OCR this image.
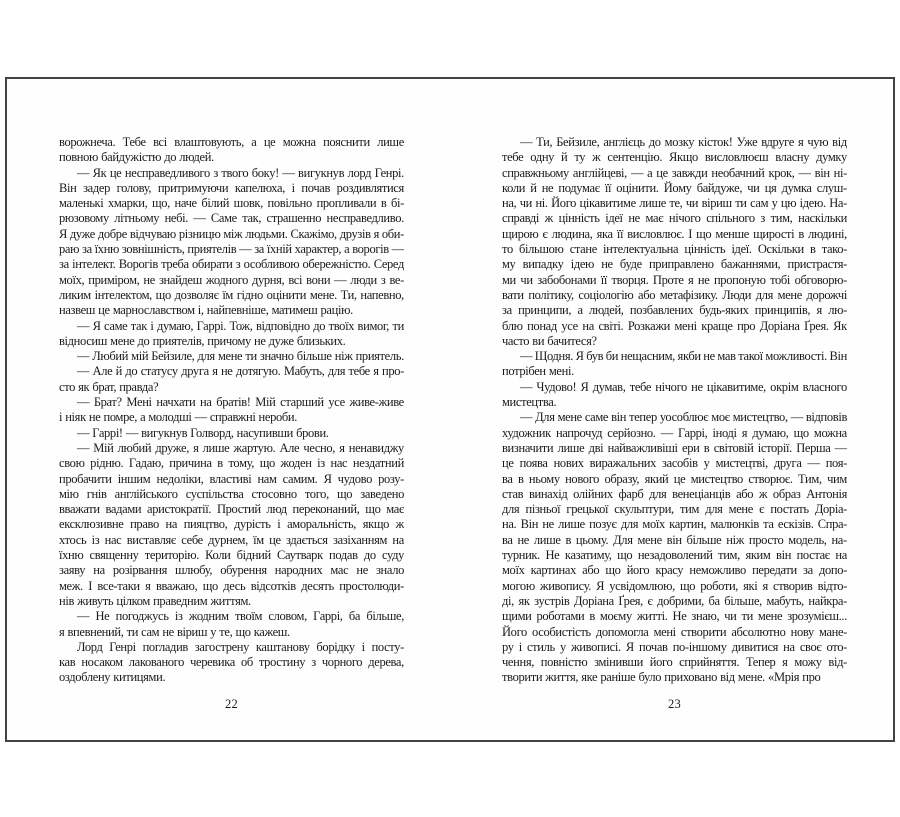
ворожнеча. Тебе всі влаштовують, а це можна пояснити лише
повною байдужістю до людей.
— Як це несправедливого з твого боку! — вигукнув лорд Генрі.
Він задер голову, притримуючи капелюха, і почав роздивлятися
маленькі хмарки, що, наче білий шовк, повільно пропливали в бі-
рюзовому літньому небі. — Саме так, страшенно несправедливо.
Я дуже добре відчуваю різницю між людьми. Скажімо, друзів я оби-
раю за їхню зовнішність, приятелів — за їхній характер, а ворогів —
за інтелект. Ворогів треба обирати з особливою обережністю. Серед
моїх, приміром, не знайдеш жодного дурня, всі вони — люди з ве-
ликим інтелектом, що дозволяє їм гідно оцінити мене. Ти, напевно,
назвеш це марнославством і, найпевніше, матимеш рацію.
— Я саме так і думаю, Гаррі. Тож, відповідно до твоїх вимог, ти
відносиш мене до приятелів, причому не дуже близьких.
— Любий мій Бейзиле, для мене ти значно більше ніж приятель.
— Але й до статусу друга я не дотягую. Мабуть, для тебе я про-
сто як брат, правда?
— Брат? Мені начхати на братів! Мій старший усе живе-живе
і ніяк не помре, а молодші — справжні нероби.
— Гаррі! — вигукнув Голворд, насупивши брови.
— Мій любий друже, я лише жартую. Але чесно, я ненавиджу
свою рідню. Гадаю, причина в тому, що жоден із нас нездатний
пробачити іншим недоліки, властиві нам самим. Я чудово розу-
мію гнів англійського суспільства стосовно того, що заведено
вважати вадами аристократії. Простий люд переконаний, що має
ексклюзивне право на пияцтво, дурість і аморальність, якщо ж
хтось із нас виставляє себе дурнем, їм це здається зазіханням на
їхню священну територію. Коли бідний Саутварк подав до суду
заяву на розірвання шлюбу, обурення народних мас не знало
меж. І все-таки я вважаю, що десь відсотків десять простолюди-
нів живуть цілком праведним життям.
— Не погоджусь із жодним твоїм словом, Гаррі, ба більше,
я впевнений, ти сам не віриш у те, що кажеш.
Лорд Генрі погладив загострену каштанову борідку і посту-
кав носаком лакованого черевика об тростину з чорного дерева,
оздоблену китицями.
22
— Ти, Бейзиле, англієць до мозку кісток! Уже вдруге я чую від
тебе одну й ту ж сентенцію. Якщо висловлюєш власну думку
справжньому англійцеві, — а це завжди необачний крок, — він ні-
коли й не подумає її оцінити. Йому байдуже, чи ця думка слуш-
на, чи ні. Його цікавитиме лише те, чи віриш ти сам у цю ідею. На-
справді ж цінність ідеї не має нічого спільного з тим, наскільки
щирою є людина, яка її висловлює. І що менше щирості в людині,
то більшою стане інтелектуальна цінність ідеї. Оскільки в тако-
му випадку ідею не буде приправлено бажаннями, пристрастя-
ми чи забобонами її творця. Проте я не пропоную тобі обговорю-
вати політику, соціологію або метафізику. Люди для мене дорожчі
за принципи, а людей, позбавлених будь-яких принципів, я лю-
блю понад усе на світі. Розкажи мені краще про Доріана Ґрея. Як
часто ви бачитеся?
— Щодня. Я був би нещасним, якби не мав такої можливості. Він
потрібен мені.
— Чудово! Я думав, тебе нічого не цікавитиме, окрім власного
мистецтва.
— Для мене саме він тепер уособлює моє мистецтво, — відповів
художник напрочуд серйозно. — Гаррі, іноді я думаю, що можна
визначити лише дві найважливіші ери в світовій історії. Перша —
це поява нових виражальних засобів у мистецтві, друга — поя-
ва в ньому нового образу, який це мистецтво створює. Тим, чим
став винахід олійних фарб для венеціанців або ж образ Антонія
для пізньої грецької скульптури, тим для мене є постать Доріа-
на. Він не лише позує для моїх картин, малюнків та ескізів. Спра-
ва не лише в цьому. Для мене він більше ніж просто модель, на-
турник. Не казатиму, що незадоволений тим, яким він постає на
моїх картинах або що його красу неможливо передати за допо-
могою живопису. Я усвідомлюю, що роботи, які я створив відто-
ді, як зустрів Доріана Ґрея, є добрими, ба більше, мабуть, найкра-
щими роботами в моєму житті. Не знаю, чи ти мене зрозумієш...
Його особистість допомогла мені створити абсолютно нову мане-
ру і стиль у живописі. Я почав по-іншому дивитися на своє ото-
чення, повністю змінивши його сприйняття. Тепер я можу від-
творити життя, яке раніше було приховано від мене. «Мрія про
23
